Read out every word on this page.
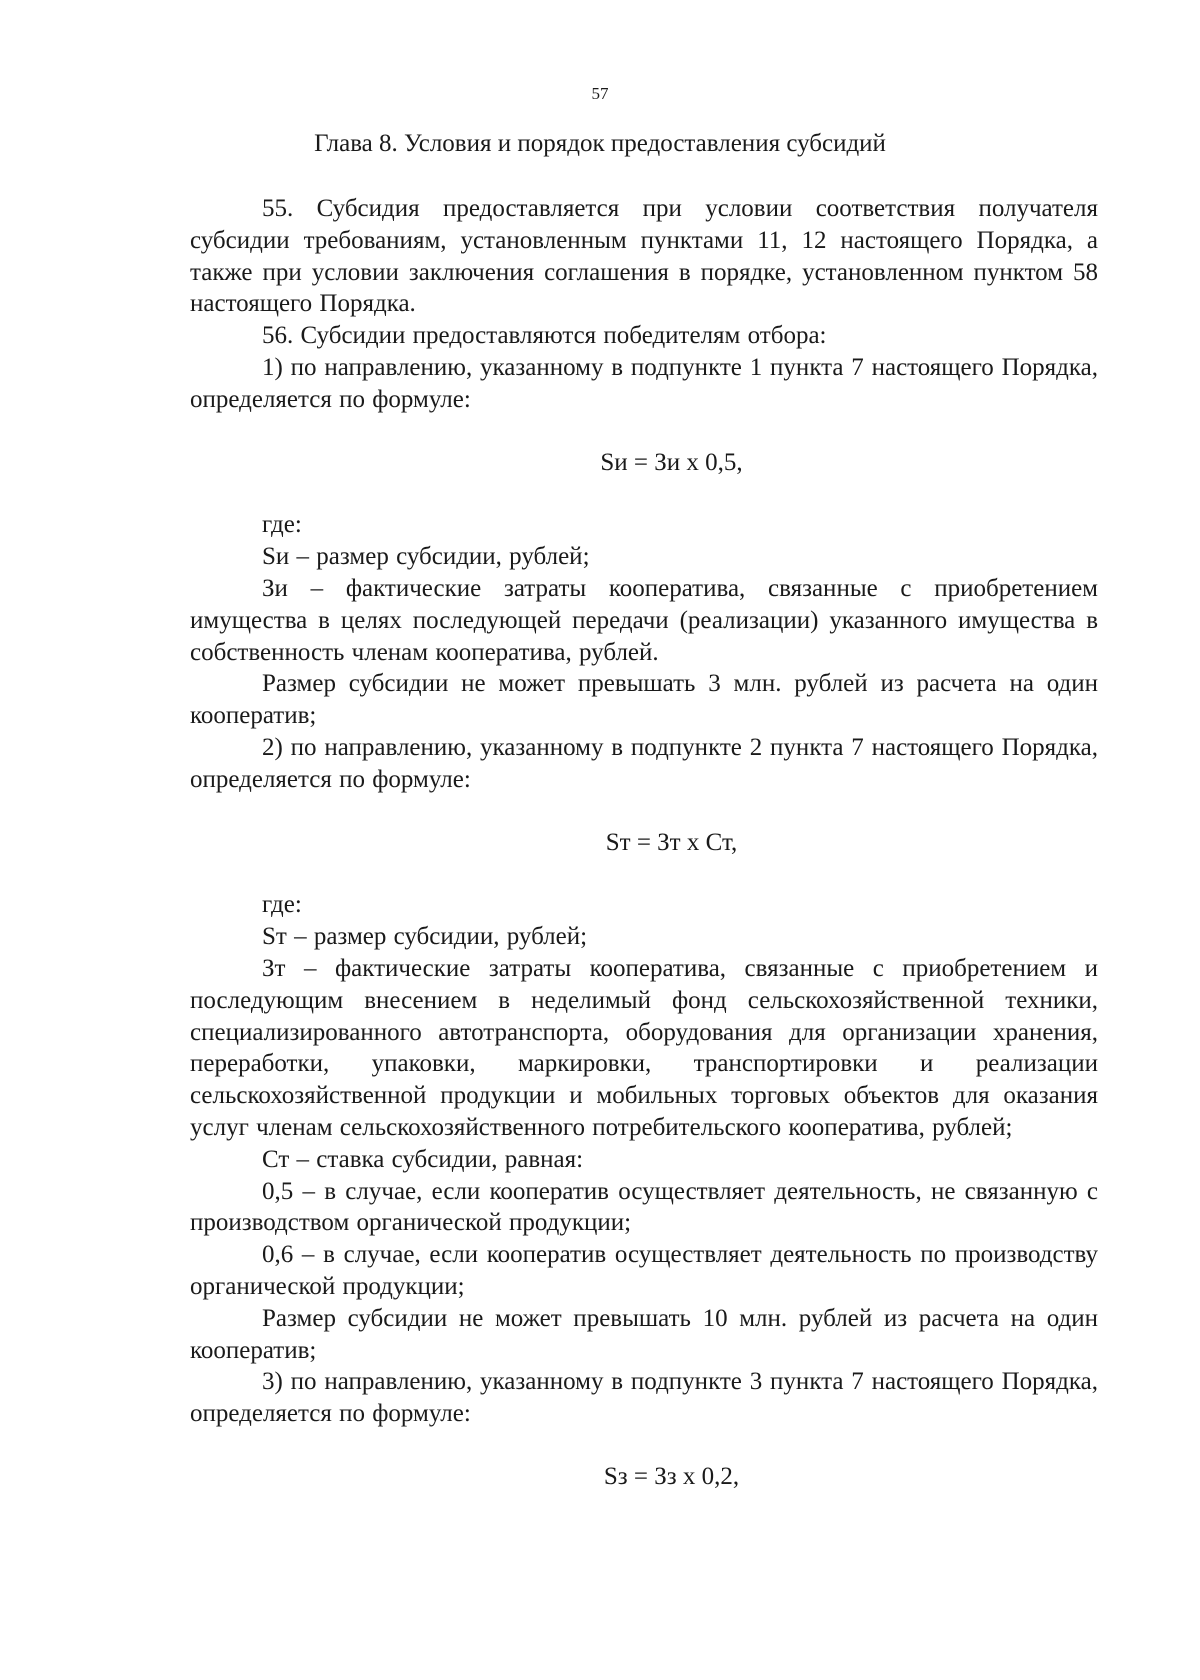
57
Глава 8. Условия и порядок предоставления субсидий

55. Субсидия предоставляется при условии соответствия получателя субсидии требованиям, установленным пунктами 11, 12 настоящего Порядка, а также при условии заключения соглашения в порядке, установленном пунктом 58 настоящего Порядка.

56. Субсидии предоставляются победителям отбора:

1) по направлению, указанному в подпункте 1 пункта 7 настоящего Порядка, определяется по формуле:

Sи = Зи х 0,5,

где:

Sи – размер субсидии, рублей;

Зи – фактические затраты кооператива, связанные с приобретением имущества в целях последующей передачи (реализации) указанного имущества в собственность членам кооператива, рублей.

Размер субсидии не может превышать 3 млн. рублей из расчета на один кооператив;

2) по направлению, указанному в подпункте 2 пункта 7 настоящего Порядка, определяется по формуле:

Sт = Зт х Ст,

где:

Sт – размер субсидии, рублей;

Зт – фактические затраты кооператива, связанные с приобретением и последующим внесением в неделимый фонд сельскохозяйственной техники, специализированного автотранспорта, оборудования для организации хранения, переработки, упаковки, маркировки, транспортировки и реализации сельскохозяйственной продукции и мобильных торговых объектов для оказания услуг членам сельскохозяйственного потребительского кооператива, рублей;

Ст – ставка субсидии, равная:

0,5 – в случае, если кооператив осуществляет деятельность, не связанную с производством органической продукции;

0,6 – в случае, если кооператив осуществляет деятельность по производству органической продукции;

Размер субсидии не может превышать 10 млн. рублей из расчета на один кооператив;

3) по направлению, указанному в подпункте 3 пункта 7 настоящего Порядка, определяется по формуле:

Sз = Зз х 0,2,
